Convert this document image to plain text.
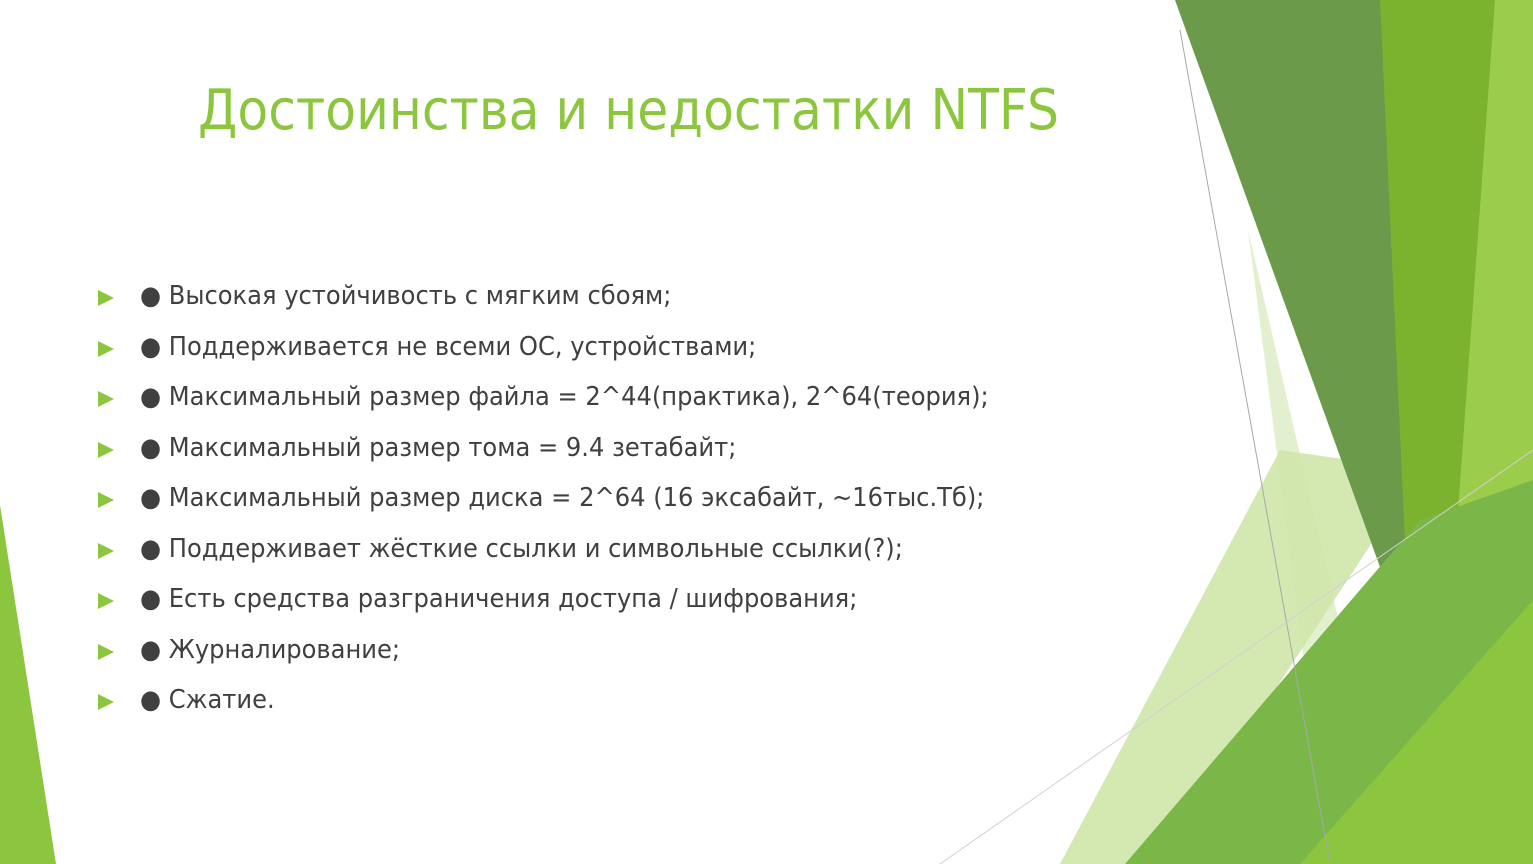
Достоинства и недостатки NTFS
● Высокая устойчивость с мягким сбоям;
● Поддерживается не всеми ОС, устройствами;
● Максимальный размер файла = 2^44(практика), 2^64(теория);
● Максимальный размер тома = 9.4 зетабайт;
● Максимальный размер диска = 2^64 (16 эксабайт, ~16тыс.Тб);
● Поддерживает жёсткие ссылки и символьные ссылки(?);
● Есть средства разграничения доступа / шифрования;
● Журналирование;
● Сжатие.
